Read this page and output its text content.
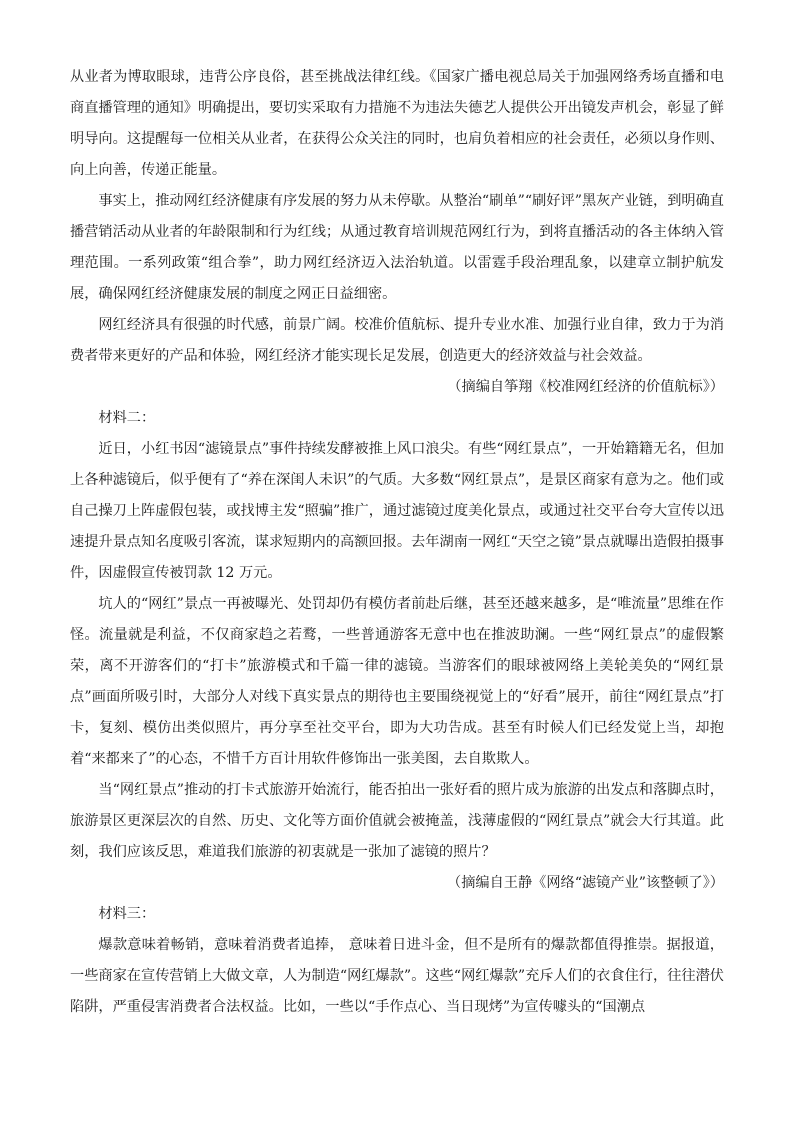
从业者为博取眼球，违背公序良俗，甚至挑战法律红线。《国家广播电视总局关于加强网络秀场直播和电商直播管理的通知》明确提出，要切实采取有力措施不为违法失德艺人提供公开出镜发声机会，彰显了鲜明导向。这提醒每一位相关从业者，在获得公众关注的同时，也肩负着相应的社会责任，必须以身作则、向上向善，传递正能量。

事实上，推动网红经济健康有序发展的努力从未停歇。从整治“刷单”“刷好评”黑灰产业链，到明确直播营销活动从业者的年龄限制和行为红线；从通过教育培训规范网红行为，到将直播活动的各主体纳入管理范围。一系列政策“组合拳”，助力网红经济迈入法治轨道。以雷霆手段治理乱象，以建章立制护航发展，确保网红经济健康发展的制度之网正日益细密。

网红经济具有很强的时代感，前景广阔。校准价值航标、提升专业水准、加强行业自律，致力于为消费者带来更好的产品和体验，网红经济才能实现长足发展，创造更大的经济效益与社会效益。

（摘编自筝翔《校准网红经济的价值航标》）

材料二：

近日，小红书因“滤镜景点”事件持续发酵被推上风口浪尖。有些“网红景点”，一开始籍籍无名，但加上各种滤镜后，似乎便有了“养在深闺人未识”的气质。大多数“网红景点”，是景区商家有意为之。他们或自己操刀上阵虚假包装，或找博主发“照骗”推广，通过滤镜过度美化景点，或通过社交平台夸大宣传以迅速提升景点知名度吸引客流，谋求短期内的高额回报。去年湖南一网红“天空之镜”景点就曝出造假拍摄事件，因虚假宣传被罚款 12 万元。

坑人的“网红”景点一再被曝光、处罚却仍有模仿者前赴后继，甚至还越来越多，是“唯流量”思维在作怪。流量就是利益，不仅商家趋之若鹜，一些普通游客无意中也在推波助澜。一些“网红景点”的虚假繁荣，离不开游客们的“打卡”旅游模式和千篇一律的滤镜。当游客们的眼球被网络上美轮美奂的“网红景点”画面所吸引时，大部分人对线下真实景点的期待也主要围绕视觉上的“好看”展开，前往“网红景点”打卡，复刻、模仿出类似照片，再分享至社交平台，即为大功告成。甚至有时候人们已经发觉上当，却抱着“来都来了”的心态，不惜千方百计用软件修饰出一张美图，去自欺欺人。

当“网红景点”推动的打卡式旅游开始流行，能否拍出一张好看的照片成为旅游的出发点和落脚点时，旅游景区更深层次的自然、历史、文化等方面价值就会被掩盖，浅薄虚假的“网红景点”就会大行其道。此刻，我们应该反思，难道我们旅游的初衷就是一张加了滤镜的照片？

（摘编自王静《网络“滤镜产业”该整顿了》）

材料三：

爆款意味着畅销，意味着消费者追捧， 意味着日进斗金，但不是所有的爆款都值得推崇。据报道，一些商家在宣传营销上大做文章，人为制造“网红爆款”。这些“网红爆款”充斥人们的衣食住行，往往潜伏陷阱，严重侵害消费者合法权益。比如，一些以“手作点心、当日现烤”为宣传噱头的“国潮点
